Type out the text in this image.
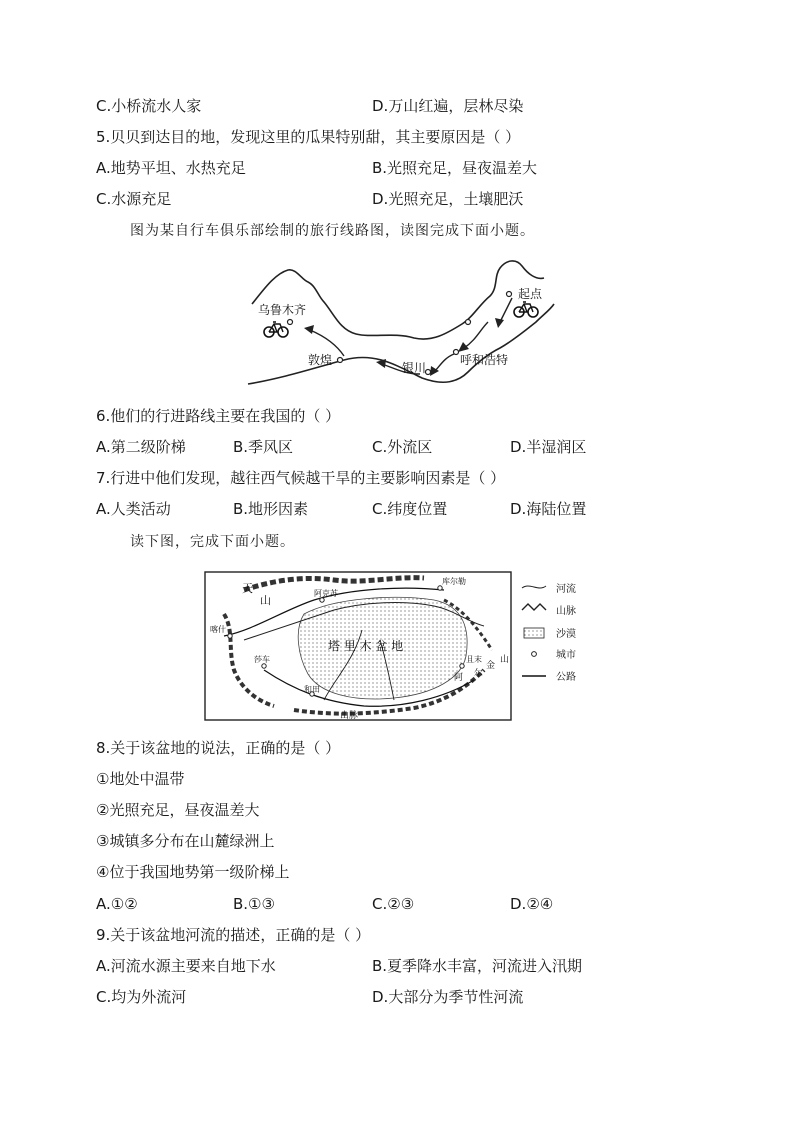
C.小桥流水人家	D.万山红遍，层林尽染
5.贝贝到达目的地，发现这里的瓜果特别甜，其主要原因是（ ）
A.地势平坦、水热充足	B.光照充足，昼夜温差大
C.水源充足	D.光照充足，土壤肥沃
图为某自行车俱乐部绘制的旅行线路图，读图完成下面小题。
起点
乌鲁木齐
敦煌
银川
呼和浩特
6.他们的行进路线主要在我国的（ ）
A.第二级阶梯	B.季风区	C.外流区	D.半湿润区
7.行进中他们发现，越往西气候越干旱的主要影响因素是（ ）
A.人类活动	B.地形因素	C.纬度位置	D.海陆位置
读下图，完成下面小题。
天
山
喀什
阿克苏
库尔勒
塔 里 木 盆 地
莎车
和田
且末
阿 尔
金
山
山脉
河流
山脉
沙漠
城市
公路
8.关于该盆地的说法，正确的是（ ）
①地处中温带
②光照充足，昼夜温差大
③城镇多分布在山麓绿洲上
④位于我国地势第一级阶梯上
A.①②	B.①③	C.②③	D.②④
9.关于该盆地河流的描述，正确的是（ ）
A.河流水源主要来自地下水	B.夏季降水丰富，河流进入汛期
C.均为外流河	D.大部分为季节性河流
